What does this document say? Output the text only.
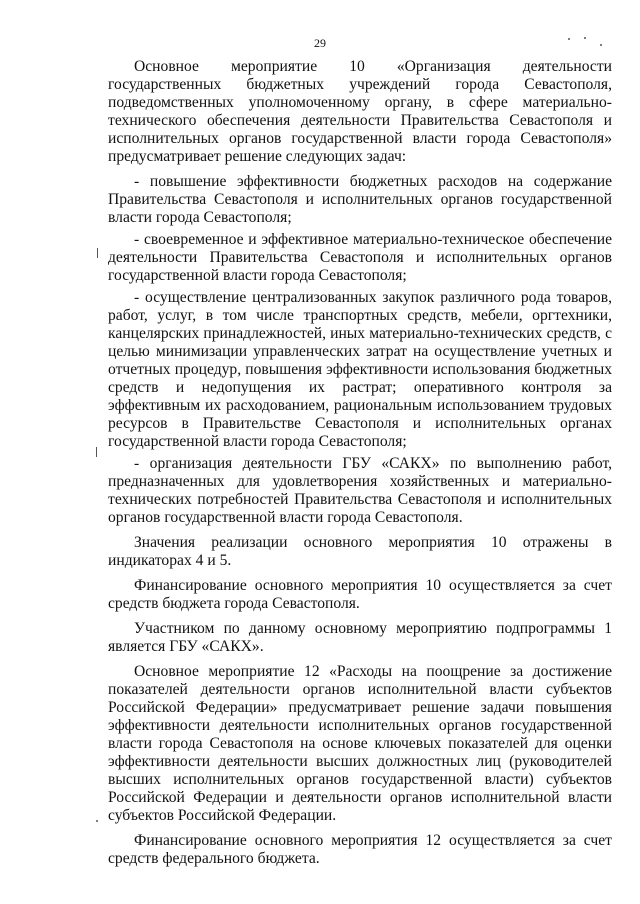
29

Основное мероприятие 10 «Организация деятельности государственных бюджетных учреждений города Севастополя, подведомственных уполномоченному органу, в сфере материально-технического обеспечения деятельности Правительства Севастополя и исполнительных органов государственной власти города Севастополя» предусматривает решение следующих задач:

- повышение эффективности бюджетных расходов на содержание Правительства Севастополя и исполнительных органов государственной власти города Севастополя;

- своевременное и эффективное материально-техническое обеспечение деятельности Правительства Севастополя и исполнительных органов государственной власти города Севастополя;

- осуществление централизованных закупок различного рода товаров, работ, услуг, в том числе транспортных средств, мебели, оргтехники, канцелярских принадлежностей, иных материально-технических средств, с целью минимизации управленческих затрат на осуществление учетных и отчетных процедур, повышения эффективности использования бюджетных средств и недопущения их растрат; оперативного контроля за эффективным их расходованием, рациональным использованием трудовых ресурсов в Правительстве Севастополя и исполнительных органах государственной власти города Севастополя;

- организация деятельности ГБУ «САКХ» по выполнению работ, предназначенных для удовлетворения хозяйственных и материально-технических потребностей Правительства Севастополя и исполнительных органов государственной власти города Севастополя.

Значения реализации основного мероприятия 10 отражены в индикаторах 4 и 5.

Финансирование основного мероприятия 10 осуществляется за счет средств бюджета города Севастополя.

Участником по данному основному мероприятию подпрограммы 1 является ГБУ «САКХ».

Основное мероприятие 12 «Расходы на поощрение за достижение показателей деятельности органов исполнительной власти субъектов Российской Федерации» предусматривает решение задачи повышения эффективности деятельности исполнительных органов государственной власти города Севастополя на основе ключевых показателей для оценки эффективности деятельности высших должностных лиц (руководителей высших исполнительных органов государственной власти) субъектов Российской Федерации и деятельности органов исполнительной власти субъектов Российской Федерации.

Финансирование основного мероприятия 12 осуществляется за счет средств федерального бюджета.
